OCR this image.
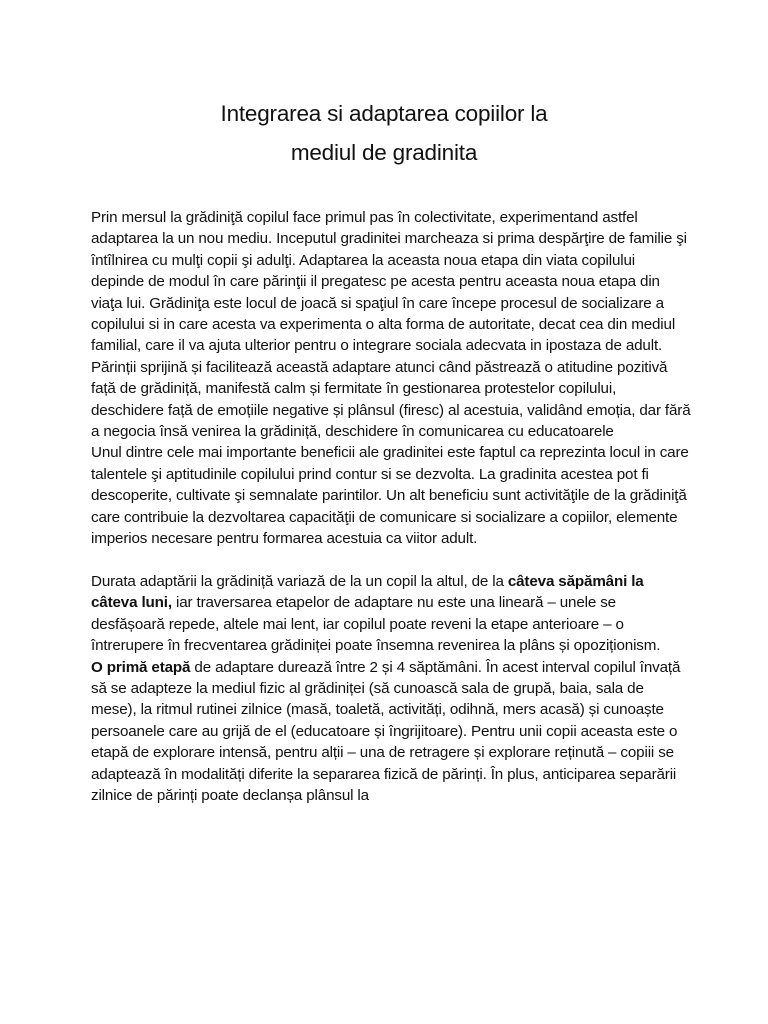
Integrarea si adaptarea copiilor la
mediul de gradinita

Prin mersul la grădiniţă copilul face primul pas în colectivitate, experimentand astfel adaptarea la un nou mediu. Inceputul gradinitei marcheaza si prima despărţire de familie şi întîlnirea cu mulţi copii şi adulţi. Adaptarea la aceasta noua etapa din viata copilului depinde de modul în care părinţii il pregatesc pe acesta pentru aceasta noua etapa din viaţa lui. Grădiniţa este locul de joacă si spaţiul în care începe procesul de socializare a copilului si in care acesta va experimenta o alta forma de autoritate, decat cea din mediul familial, care il va ajuta ulterior pentru o integrare sociala adecvata in ipostaza de adult.

Părinții sprijină și facilitează această adaptare atunci când păstrează o atitudine pozitivă față de grădiniță, manifestă calm și fermitate în gestionarea protestelor copilului, deschidere față de emoțiile negative și plânsul (firesc) al acestuia, validând emoția, dar fără a negocia însă venirea la grădiniță, deschidere în comunicarea cu educatoarele

Unul dintre cele mai importante beneficii ale gradinitei este faptul ca reprezinta locul in care talentele şi aptitudinile copilului prind contur si se dezvolta. La gradinita acestea pot fi descoperite, cultivate şi semnalate parintilor. Un alt beneficiu sunt activităţile de la grădiniţă care contribuie la dezvoltarea capacităţii de comunicare si socializare a copiilor, elemente imperios necesare pentru formarea acestuia ca viitor adult.

Durata adaptării la grădiniță variază de la un copil la altul, de la câteva săpămâni la câteva luni, iar traversarea etapelor de adaptare nu este una lineară – unele se desfășoară repede, altele mai lent, iar copilul poate reveni la etape anterioare – o întrerupere în frecventarea grădiniței poate însemna revenirea la plâns și opoziționism.

O primă etapă de adaptare durează între 2 și 4 săptămâni. În acest interval copilul învață să se adapteze la mediul fizic al grădiniței (să cunoască sala de grupă, baia, sala de mese), la ritmul rutinei zilnice (masă, toaletă, activități, odihnă, mers acasă) și cunoaște persoanele care au grijă de el (educatoare și îngrijitoare). Pentru unii copii aceasta este o etapă de explorare intensă, pentru alții – una de retragere și explorare reținută – copiii se adaptează în modalități diferite la separarea fizică de părinți. În plus, anticiparea separării zilnice de părinți poate declanșa plânsul la
